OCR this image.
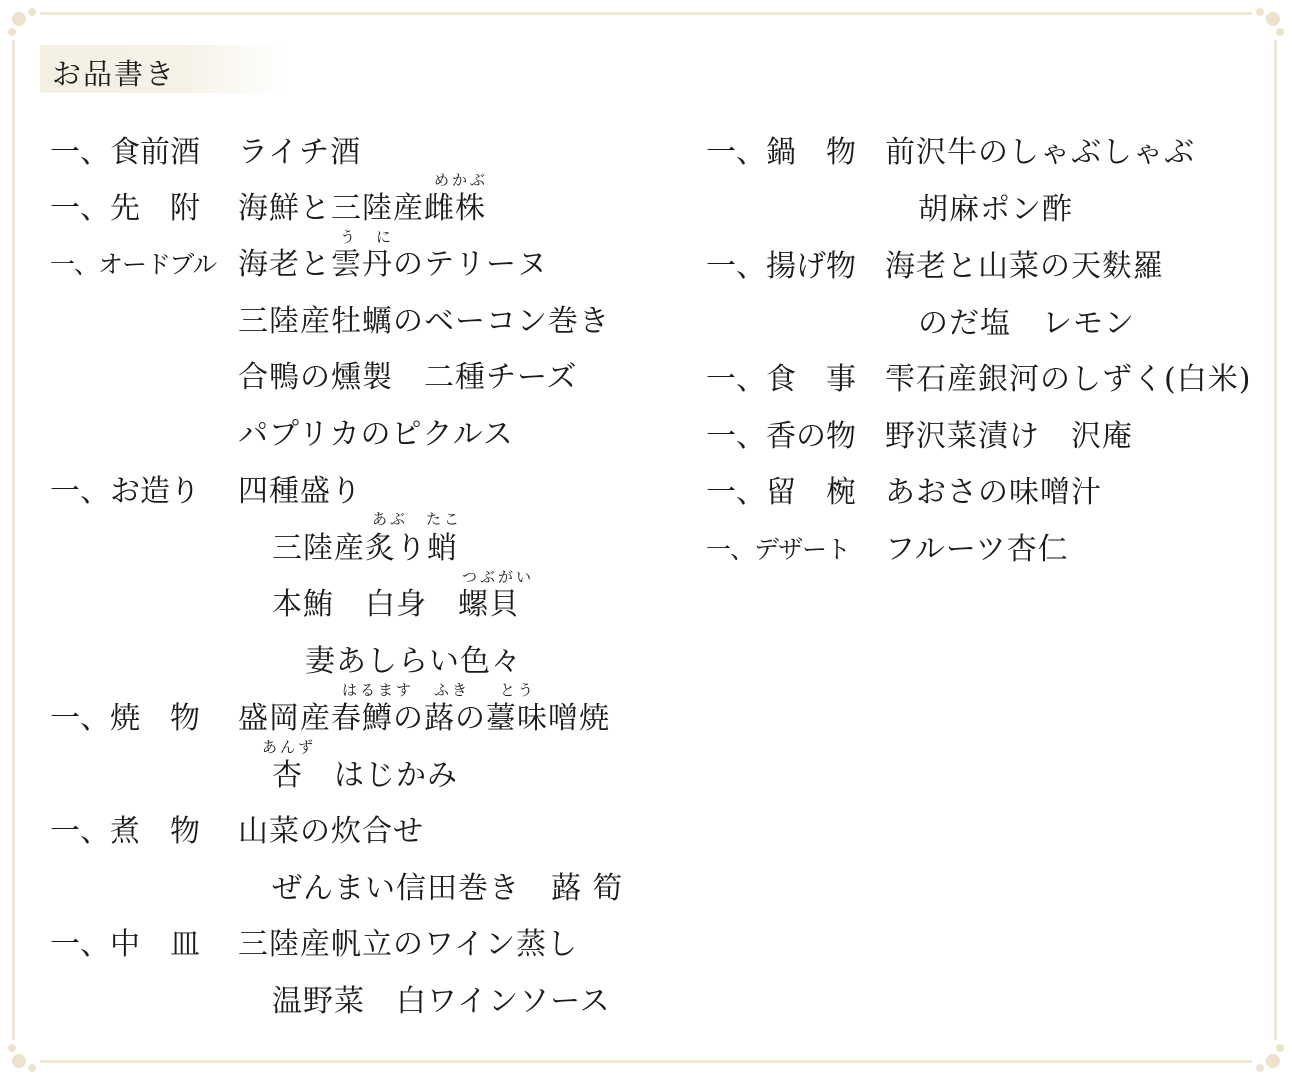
お品書き
一、食前酒 ライチ酒
一、先　附 海鮮と三陸産雌株
めかぶ
一、オードブル 海老と雲丹のテリーヌ
三陸産牡蠣のベーコン巻き
合鴨の燻製　二種チーズ
パプリカのピクルス
う　に
一、お造り 四種盛り
三陸産炙り蛸
本鮪　白身　螺貝
妻あしらい色々
あぶ　たこ
つぶがい
一、焼　物 盛岡産春鱒の蕗の薹味噌焼
杏　はじかみ
はるます ふき とう
あんず
一、煮　物 山菜の炊合せ
ぜんまい信田巻き　蕗 筍
一、中　皿 三陸産帆立のワイン蒸し
温野菜　白ワインソース
一、鍋　物 前沢牛のしゃぶしゃぶ
胡麻ポン酢
一、揚げ物 海老と山菜の天麩羅
のだ塩　レモン
一、食　事 雫石産銀河のしずく(白米)
一、香の物 野沢菜漬け　沢庵
一、留　椀 あおさの味噌汁
一、デザート フルーツ杏仁
